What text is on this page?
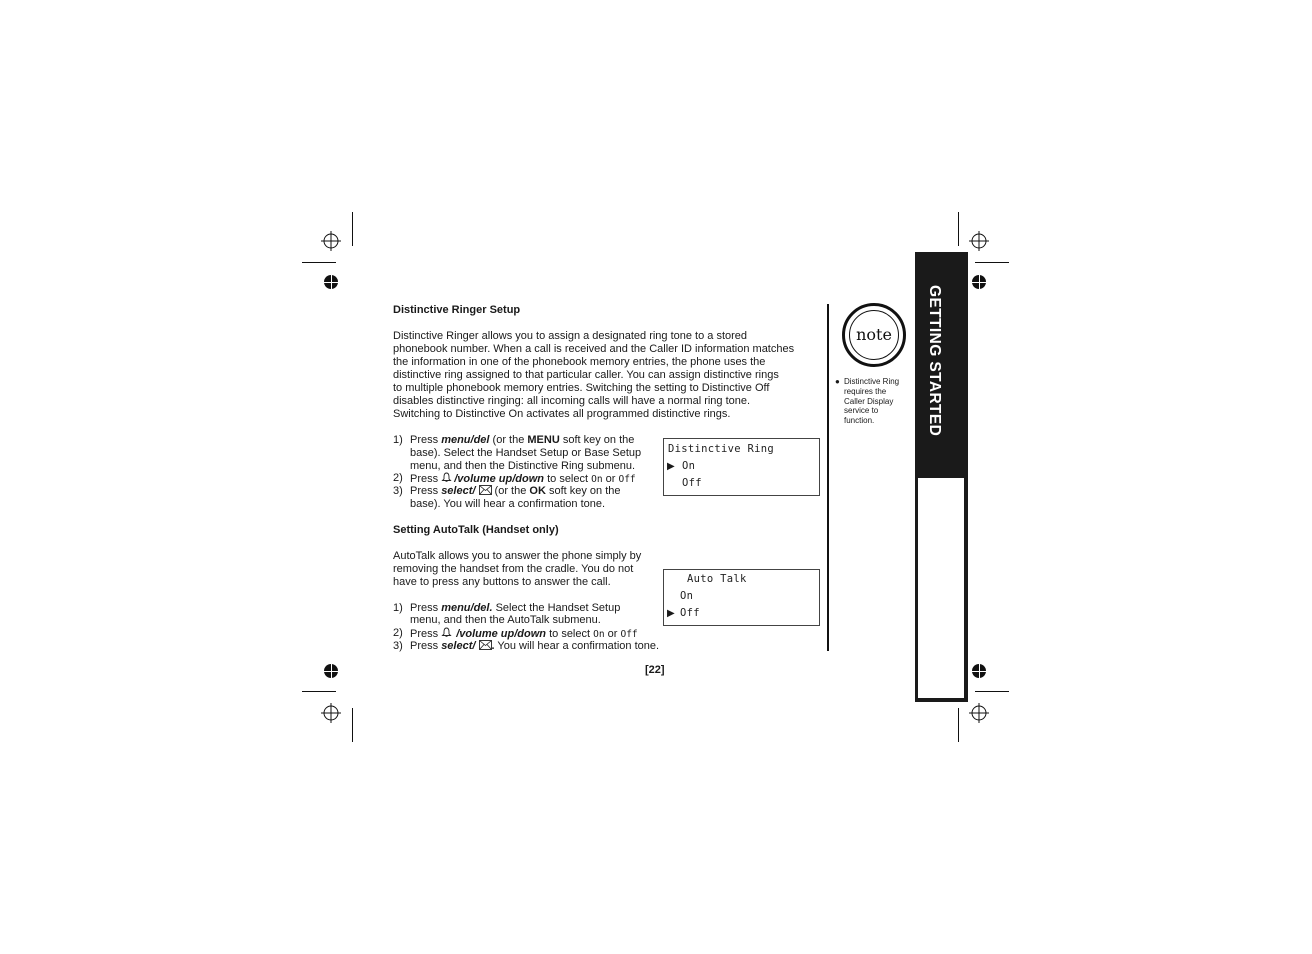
Distinctive Ringer Setup
Distinctive Ringer allows you to assign a designated ring tone to a stored
phonebook number. When a call is received and the Caller ID information matches
the information in one of the phonebook memory entries, the phone uses the
distinctive ring assigned to that particular caller. You can assign distinctive rings
to multiple phonebook memory entries. Switching the setting to Distinctive Off
disables distinctive ringing: all incoming calls will have a normal ring tone.
Switching to Distinctive On activates all programmed distinctive rings.
1) Press menu/del (or the MENU soft key on the
base). Select the Handset Setup or Base Setup
menu, and then the Distinctive Ring submenu.
2) Press /volume up/down to select On or Off
3) Press select/  (or the OK soft key on the
base). You will hear a confirmation tone.
Distinctive Ring
▶ On
Off
Setting AutoTalk (Handset only)
AutoTalk allows you to answer the phone simply by
removing the handset from the cradle. You do not
have to press any buttons to answer the call.
1) Press menu/del. Select the Handset Setup
menu, and then the AutoTalk submenu.
2) Press /volume up/down to select On or Off
3) Press select/ . You will hear a confirmation tone.
Auto Talk
On
▶ Off
[22]
note
● Distinctive Ring
requires the
Caller Display
service to
function.	GETTING STARTED
